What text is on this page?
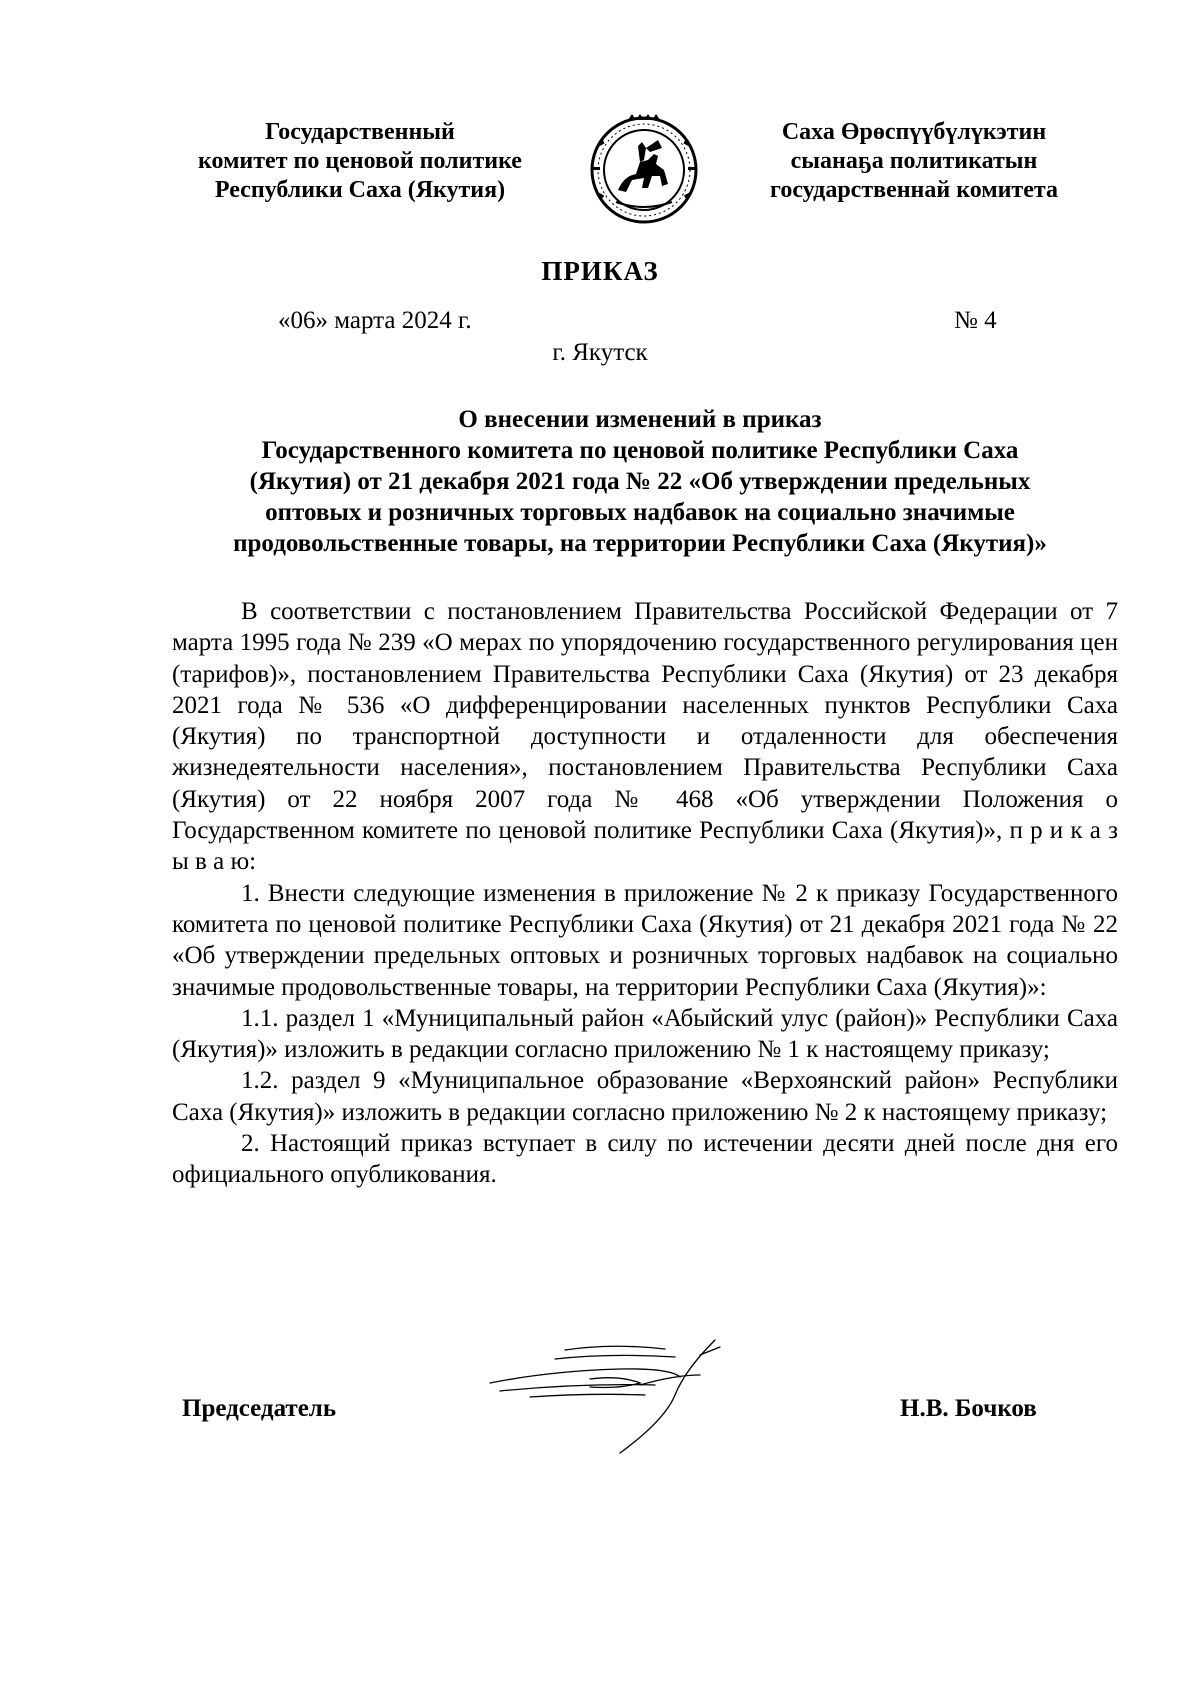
Государственный
комитет по ценовой политике
Республики Саха (Якутия)
Саха Өрөспүүбүлүкэтин
сыанаҕа политикатын
государственнай комитета
ПРИКАЗ
«06» марта 2024 г.	№ 4
г. Якутск
О внесении изменений в приказ
Государственного комитета по ценовой политике Республики Саха
(Якутия) от 21 декабря 2021 года № 22 «Об утверждении предельных
оптовых и розничных торговых надбавок на социально значимые
продовольственные товары, на территории Республики Саха (Якутия)»

В соответствии с постановлением Правительства Российской Федерации от 7 марта 1995 года № 239 «О мерах по упорядочению государственного регулирования цен (тарифов)», постановлением Правительства Республики Саха (Якутия) от 23 декабря 2021 года № 536 «О дифференцировании населенных пунктов Республики Саха (Якутия) по транспортной доступности и отдаленности для обеспечения жизнедеятельности населения», постановлением Правительства Республики Саха (Якутия) от 22 ноября 2007 года № 468 «Об утверждении Положения о Государственном комитете по ценовой политике Республики Саха (Якутия)», п р и к а з ы в а ю:

1. Внести следующие изменения в приложение № 2 к приказу Государственного комитета по ценовой политике Республики Саха (Якутия) от 21 декабря 2021 года № 22 «Об утверждении предельных оптовых и розничных торговых надбавок на социально значимые продовольственные товары, на территории Республики Саха (Якутия)»:

1.1. раздел 1 «Муниципальный район «Абыйский улус (район)» Республики Саха (Якутия)» изложить в редакции согласно приложению № 1 к настоящему приказу;

1.2. раздел 9 «Муниципальное образование «Верхоянский район» Республики Саха (Якутия)» изложить в редакции согласно приложению № 2 к настоящему приказу;

2. Настоящий приказ вступает в силу по истечении десяти дней после дня его официального опубликования.

Председатель	Н.В. Бочков
